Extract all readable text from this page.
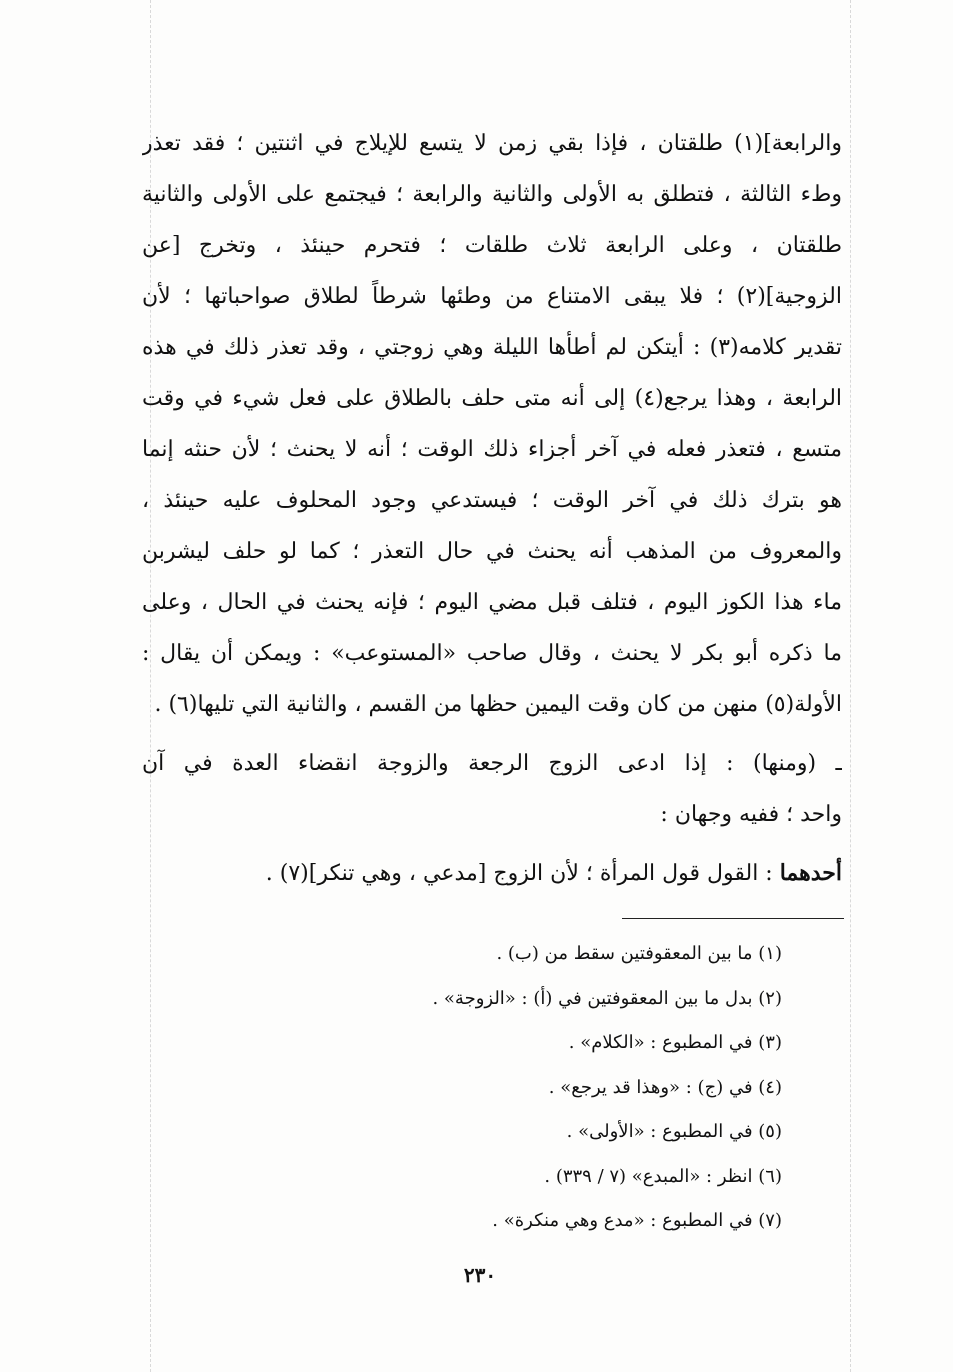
والرابعة](١) طلقتان ، فإذا بقي زمن لا يتسع للإيلاج في اثنتين ؛ فقد تعذر
وطء الثالثة ، فتطلق به الأولى والثانية والرابعة ؛ فيجتمع على الأولى والثانية
طلقتان ، وعلى الرابعة ثلاث طلقات ؛ فتحرم حينئذ ، وتخرج [عن
الزوجية](٢) ؛ فلا يبقى الامتناع من وطئها شرطاً لطلاق صواحباتها ؛ لأن
تقدير كلامه(٣) : أيتكن لم أطأها الليلة وهي زوجتي ، وقد تعذر ذلك في هذه
الرابعة ، وهذا يرجع(٤) إلى أنه متى حلف بالطلاق على فعل شيء في وقت
متسع ، فتعذر فعله في آخر أجزاء ذلك الوقت ؛ أنه لا يحنث ؛ لأن حنثه إنما
هو بترك ذلك في آخر الوقت ؛ فيستدعي وجود المحلوف عليه حينئذ ،
والمعروف من المذهب أنه يحنث في حال التعذر ؛ كما لو حلف ليشربن
ماء هذا الكوز اليوم ، فتلف قبل مضي اليوم ؛ فإنه يحنث في الحال ، وعلى
ما ذكره أبو بكر لا يحنث ، وقال صاحب «المستوعب» : ويمكن أن يقال :
الأولة(٥) منهن من كان وقت اليمين حظها من القسم ، والثانية التي تليها(٦) .
ـ (ومنها) : إذا ادعى الزوج الرجعة والزوجة انقضاء العدة في آن
واحد ؛ ففيه وجهان :
أحدهما : القول قول المرأة ؛ لأن الزوج [مدعي ، وهي تنكر](٧) .
(١) ما بين المعقوفتين سقط من (ب) .
(٢) بدل ما بين المعقوفتين في (أ) : «الزوجة» .
(٣) في المطبوع : «الكلام» .
(٤) في (ج) : «وهذا قد يرجع» .
(٥) في المطبوع : «الأولى» .
(٦) انظر : «المبدع» (٧ / ٣٣٩) .
(٧) في المطبوع : «مدع وهي منكرة» .
٢٣٠
